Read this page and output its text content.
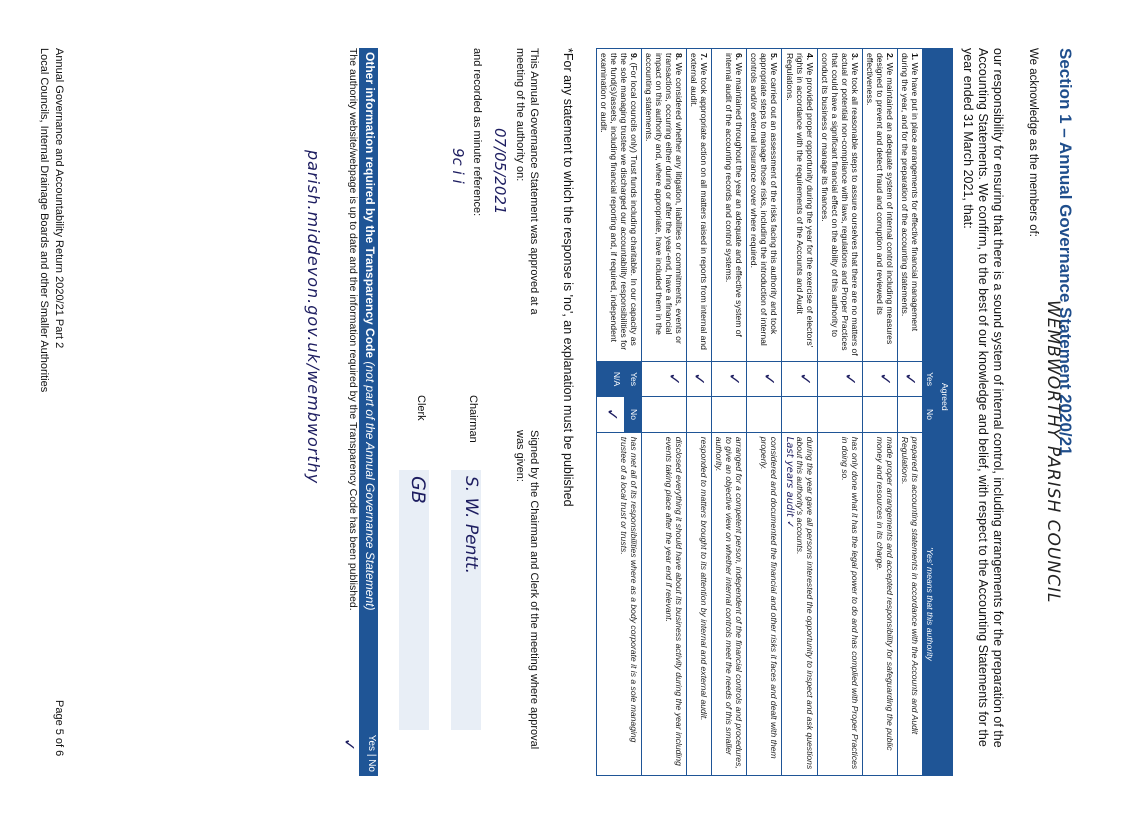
Section 1 – Annual Governance Statement 2020/21
We acknowledge as the members of:
WEMBWORTHY PARISH COUNCIL
our responsibility for ensuring that there is a sound system of internal control, including arrangements for the preparation of the Accounting Statements. We confirm, to the best of our knowledge and belief, with respect to the Accounting Statements for the year ended 31 March 2021, that:
	Agreed		'Yes' means that this authority
	Yes	No	
1. We have put in place arrangements for effective financial management during the year, and for the preparation of the accounting statements.	✓		prepared its accounting statements in accordance with the Accounts and Audit Regulations.
2. We maintained an adequate system of internal control including measures designed to prevent and detect fraud and corruption and reviewed its effectiveness.	✓		made proper arrangements and accepted responsibility for safeguarding the public money and resources in its charge.
3. We took all reasonable steps to assure ourselves that there are no matters of actual or potential non-compliance with laws, regulations and Proper Practices that could have a significant financial effect on the ability of this authority to conduct its business or manage its finances.	✓		has only done what it has the legal power to do and has complied with Proper Practices in doing so.
4. We provided proper opportunity during the year for the exercise of electors' rights in accordance with the requirements of the Accounts and Audit Regulations.	✓		during the year gave all persons interested the opportunity to inspect and ask questions about this authority's accounts.
Last years audit ✓
5. We carried out an assessment of the risks facing this authority and took appropriate steps to manage those risks, including the introduction of internal controls and/or external insurance cover where required.	✓		considered and documented the financial and other risks it faces and dealt with them properly.
6. We maintained throughout the year an adequate and effective system of internal audit of the accounting records and control systems.	✓		arranged for a competent person, independent of the financial controls and procedures, to give an objective view on whether internal controls meet the needs of this smaller authority.
7. We took appropriate action on all matters raised in reports from internal and external audit.	✓		responded to matters brought to its attention by internal and external audit.
8. We considered whether any litigation, liabilities or commitments, events or transactions, occurring either during or after the year-end, have a financial impact on this authority and, where appropriate, have included them in the accounting statements.	✓		disclosed everything it should have about its business activity during the year including events taking place after the year end if relevant.
9. (For local councils only) Trust funds including charitable. In our capacity as the sole managing trustee we discharged our accountability responsibilities for the fund(s)/assets, including financial reporting and, if required, independent examination or audit.	Yes	No	has met all of its responsibilities where as a body corporate it is a sole managing trustee of a local trust or trusts.
	N/A	✓	
*For any statement to which the response is 'no', an explanation must be published
This Annual Governance Statement was approved at a meeting of the authority on:
07/05/2021
and recorded as minute reference:
9c i i
Signed by the Chairman and Clerk of the meeting where approval was given:
Chairman
S. W. Pentt.
Clerk
GB
Other information required by the Transparency Code (not part of the Annual Governance Statement)
Yes | No
The authority website/webpage is up to date and the information required by the Transparency Code has been published.
✓
parish.middevon.gov.uk/wembworthy
Annual Governance and Accountability Return 2020/21 Part 2
Local Councils, Internal Drainage Boards and other Smaller Authorities
Page 5 of 6
